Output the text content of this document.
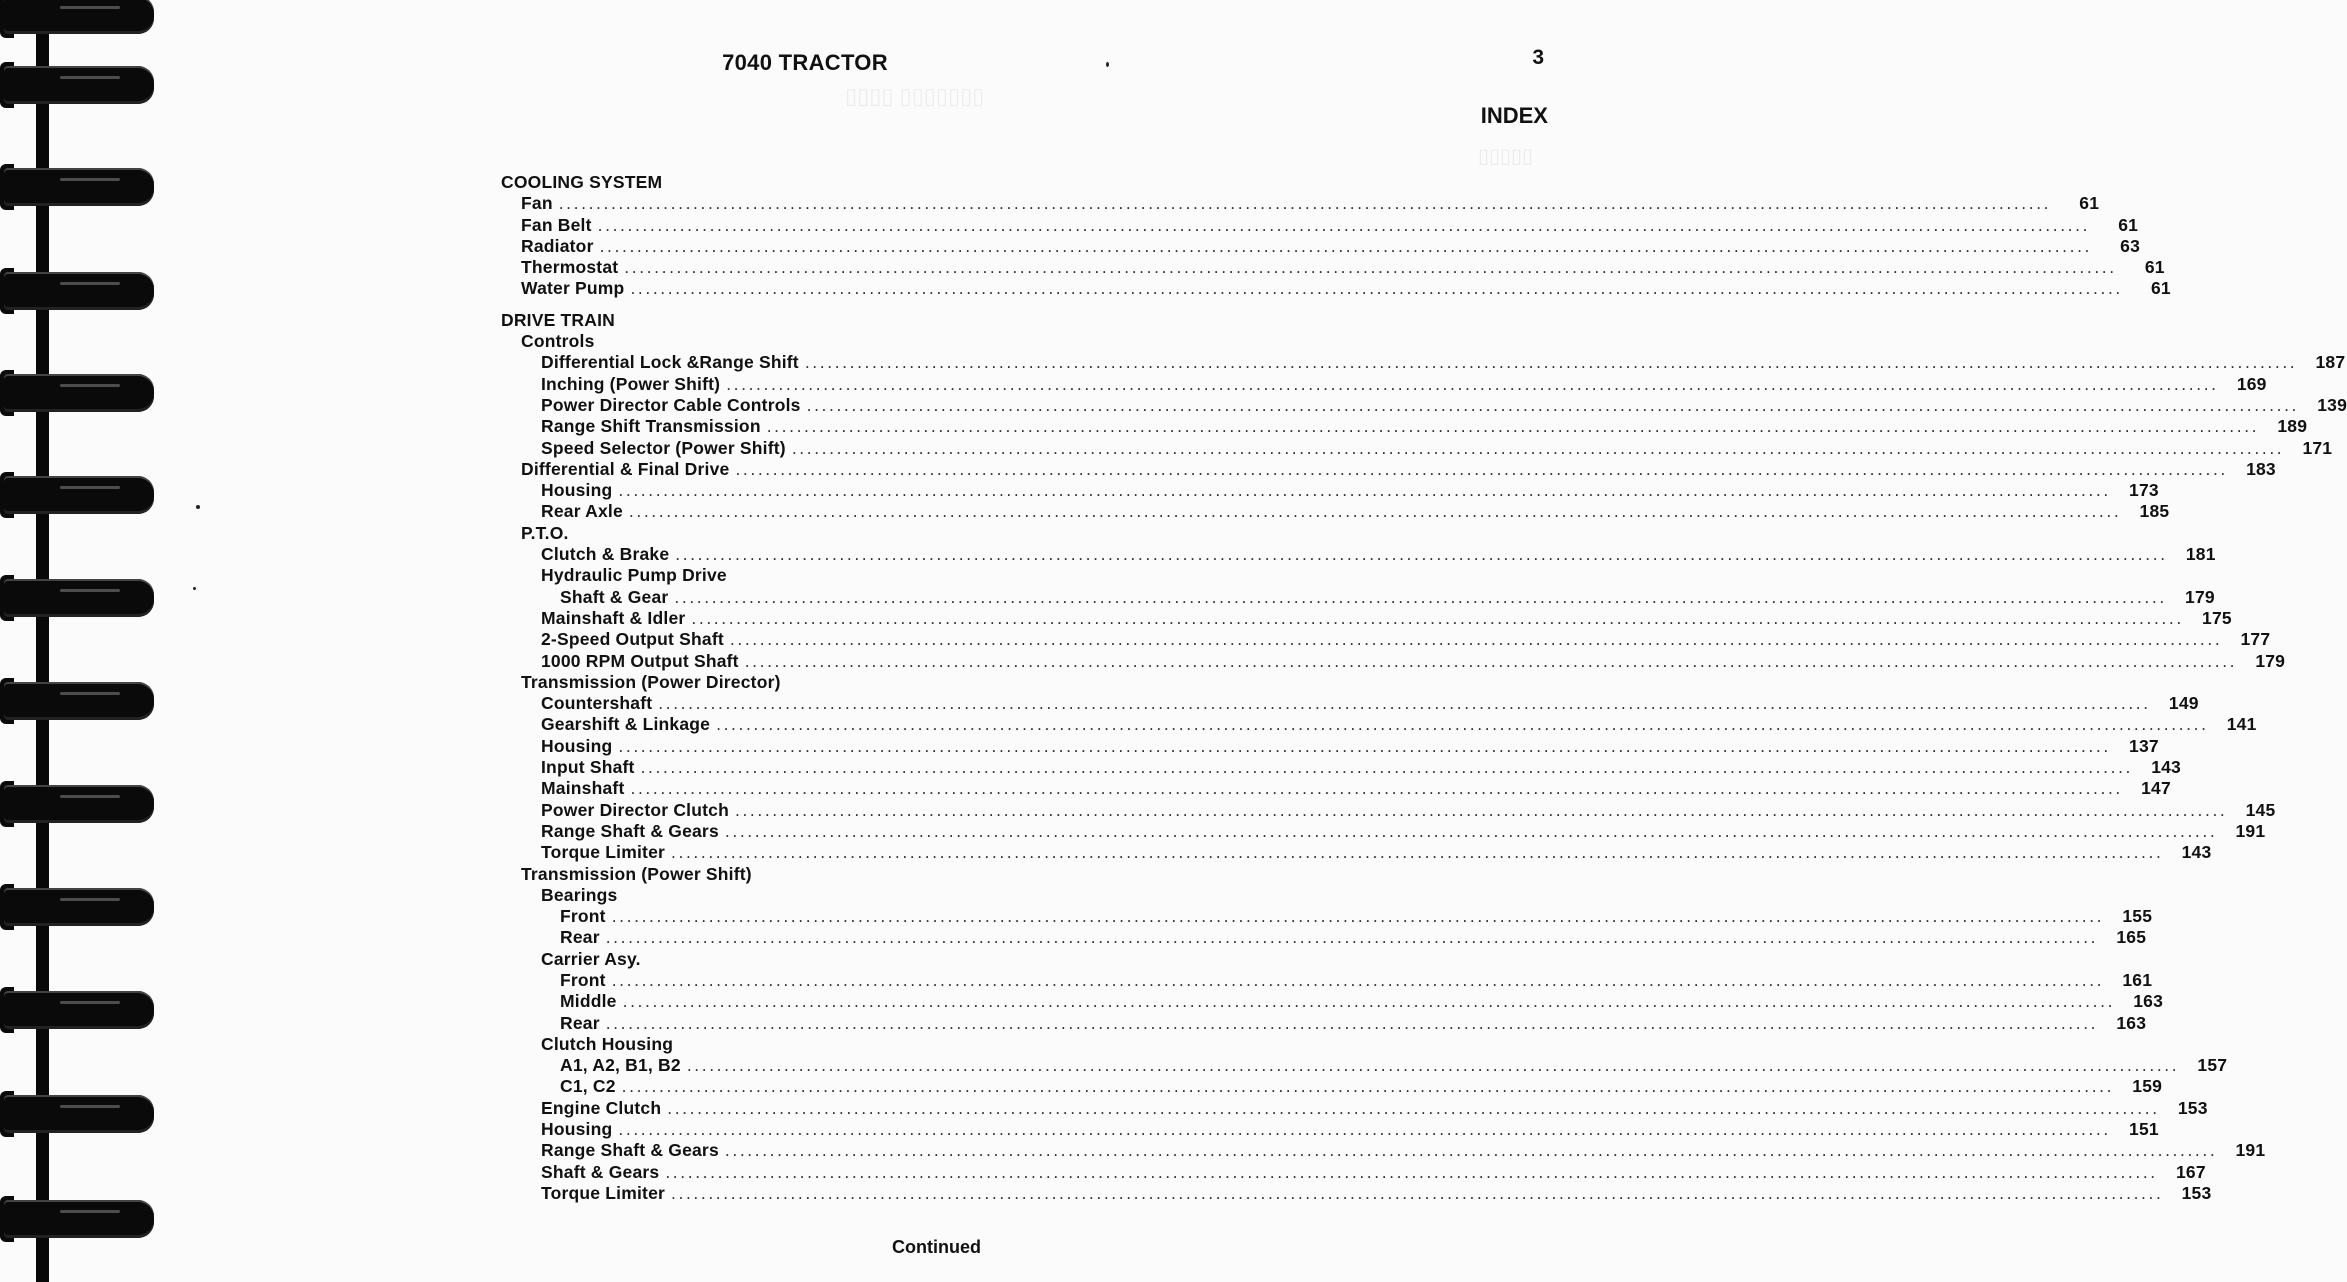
▯▯▯▯ ▯▯▯▯▯▯▯
▯▯▯▯▯
7040 TRACTOR	3
INDEX
COOLING SYSTEM
Fan ........................................................................................................................................................................................................	61
Fan Belt ........................................................................................................................................................................................................	61
Radiator ........................................................................................................................................................................................................	63
Thermostat ........................................................................................................................................................................................................	61
Water Pump ........................................................................................................................................................................................................	61
DRIVE TRAIN
Controls
Differential Lock &Range Shift ........................................................................................................................................................................................................	187
Inching (Power Shift) ........................................................................................................................................................................................................	169
Power Director Cable Controls ........................................................................................................................................................................................................	139
Range Shift Transmission ........................................................................................................................................................................................................	189
Speed Selector (Power Shift) ........................................................................................................................................................................................................	171
Differential & Final Drive ........................................................................................................................................................................................................	183
Housing ........................................................................................................................................................................................................	173
Rear Axle ........................................................................................................................................................................................................	185
P.T.O.
Clutch & Brake ........................................................................................................................................................................................................	181
Hydraulic Pump Drive
Shaft & Gear ........................................................................................................................................................................................................	179
Mainshaft & Idler ........................................................................................................................................................................................................	175
2-Speed Output Shaft ........................................................................................................................................................................................................	177
1000 RPM Output Shaft ........................................................................................................................................................................................................	179
Transmission (Power Director)
Countershaft ........................................................................................................................................................................................................	149
Gearshift & Linkage ........................................................................................................................................................................................................	141
Housing ........................................................................................................................................................................................................	137
Input Shaft ........................................................................................................................................................................................................	143
Mainshaft ........................................................................................................................................................................................................	147
Power Director Clutch ........................................................................................................................................................................................................	145
Range Shaft & Gears ........................................................................................................................................................................................................	191
Torque Limiter ........................................................................................................................................................................................................	143
Transmission (Power Shift)
Bearings
Front ........................................................................................................................................................................................................	155
Rear ........................................................................................................................................................................................................	165
Carrier Asy.
Front ........................................................................................................................................................................................................	161
Middle ........................................................................................................................................................................................................	163
Rear ........................................................................................................................................................................................................	163
Clutch Housing
A1, A2, B1, B2 ........................................................................................................................................................................................................	157
C1, C2 ........................................................................................................................................................................................................	159
Engine Clutch ........................................................................................................................................................................................................	153
Housing ........................................................................................................................................................................................................	151
Range Shaft & Gears ........................................................................................................................................................................................................	191
Shaft & Gears ........................................................................................................................................................................................................	167
Torque Limiter ........................................................................................................................................................................................................	153
Continued
